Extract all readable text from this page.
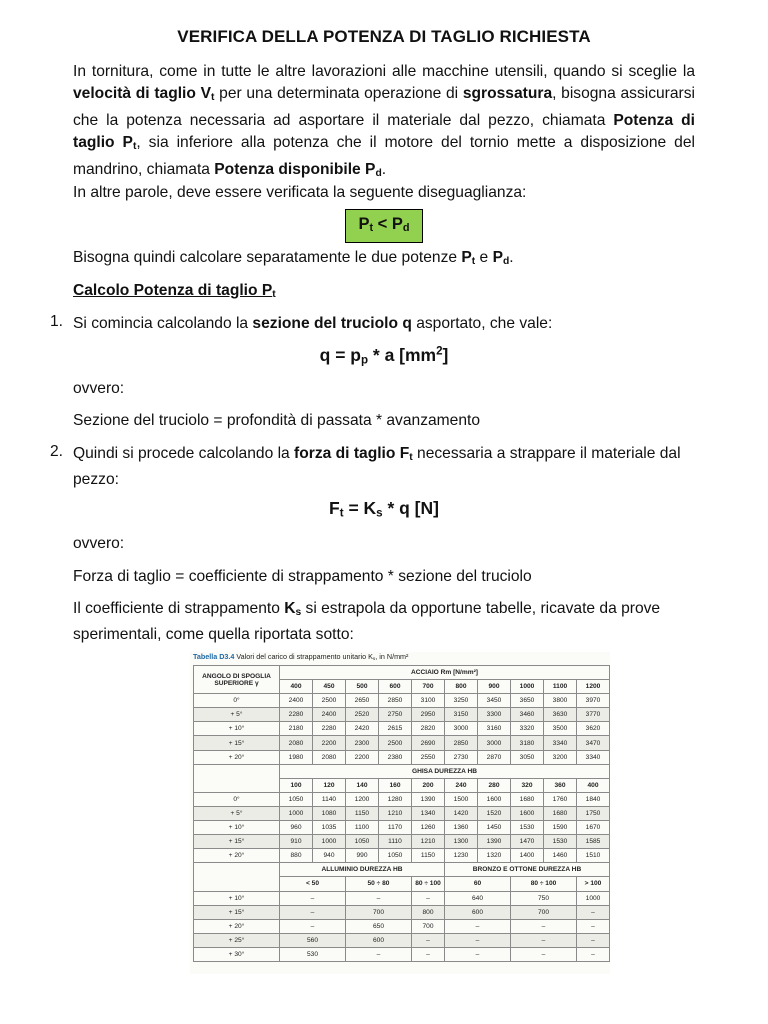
VERIFICA DELLA POTENZA DI TAGLIO RICHIESTA
In tornitura, come in tutte le altre lavorazioni alle macchine utensili, quando si sceglie la velocità di taglio $V_t$ per una determinata operazione di sgrossatura, bisogna assicurarsi che la potenza necessaria ad asportare il materiale dal pezzo, chiamata Potenza di taglio $P_t$, sia inferiore alla potenza che il motore del tornio mette a disposizione del mandrino, chiamata Potenza disponibile $P_d$.
In altre parole, deve essere verificata la seguente diseguaglianza:
$P_t < P_d$
Bisogna quindi calcolare separatamente le due potenze $P_t$ e $P_d$.
Calcolo Potenza di taglio $P_t$
1. Si comincia calcolando la sezione del truciolo q asportato, che vale:
$q = p_p * a$ $[mm^2]$
ovvero:
Sezione del truciolo = profondità di passata * avanzamento
2. Quindi si procede calcolando la forza di taglio $F_t$ necessaria a strappare il materiale dal pezzo:
$F_t = K_s * q$ [N]
ovvero:
Forza di taglio = coefficiente di strappamento * sezione del truciolo
Il coefficiente di strappamento $K_s$ si estrapola da opportune tabelle, ricavate da prove sperimentali, come quella riportata sotto:
Tabella D3.4 Valori del carico di strappamento unitario $K_s$, in N/mm²
ANGOLO DI SPOGLIA SUPERIORE γ	ACCIAIO Rm [N/mm²]									
	400	450	500	600	700	800	900	1000	1100	1200
0°	2400	2500	2650	2850	3100	3250	3450	3650	3800	3970
+ 5°	2280	2400	2520	2750	2950	3150	3300	3460	3630	3770
+ 10°	2180	2280	2420	2615	2820	3000	3160	3320	3500	3620
+ 15°	2080	2200	2300	2500	2690	2850	3000	3180	3340	3470
+ 20°	1980	2080	2200	2380	2550	2730	2870	3050	3200	3340
	GHISA DUREZZA HB									
	100	120	140	160	200	240	280	320	360	400
0°	1050	1140	1200	1280	1390	1500	1600	1680	1760	1840
+ 5°	1000	1080	1150	1210	1340	1420	1520	1600	1680	1750
+ 10°	960	1035	1100	1170	1260	1360	1450	1530	1590	1670
+ 15°	910	1000	1050	1110	1210	1300	1390	1470	1530	1585
+ 20°	880	940	990	1050	1150	1230	1320	1400	1460	1510
	ALLUMINIO DUREZZA HB					BRONZO E OTTONE DUREZZA HB				
	< 50		50 ÷ 80		80 ÷ 100	60		80 ÷ 100		> 100
+ 10°	–		–		–	640		750		1000
+ 15°	–		700		800	600		700		–
+ 20°	–		650		700	–		–		–
+ 25°	560		600		–	–		–		–
+ 30°	530		–		–	–		–		–
